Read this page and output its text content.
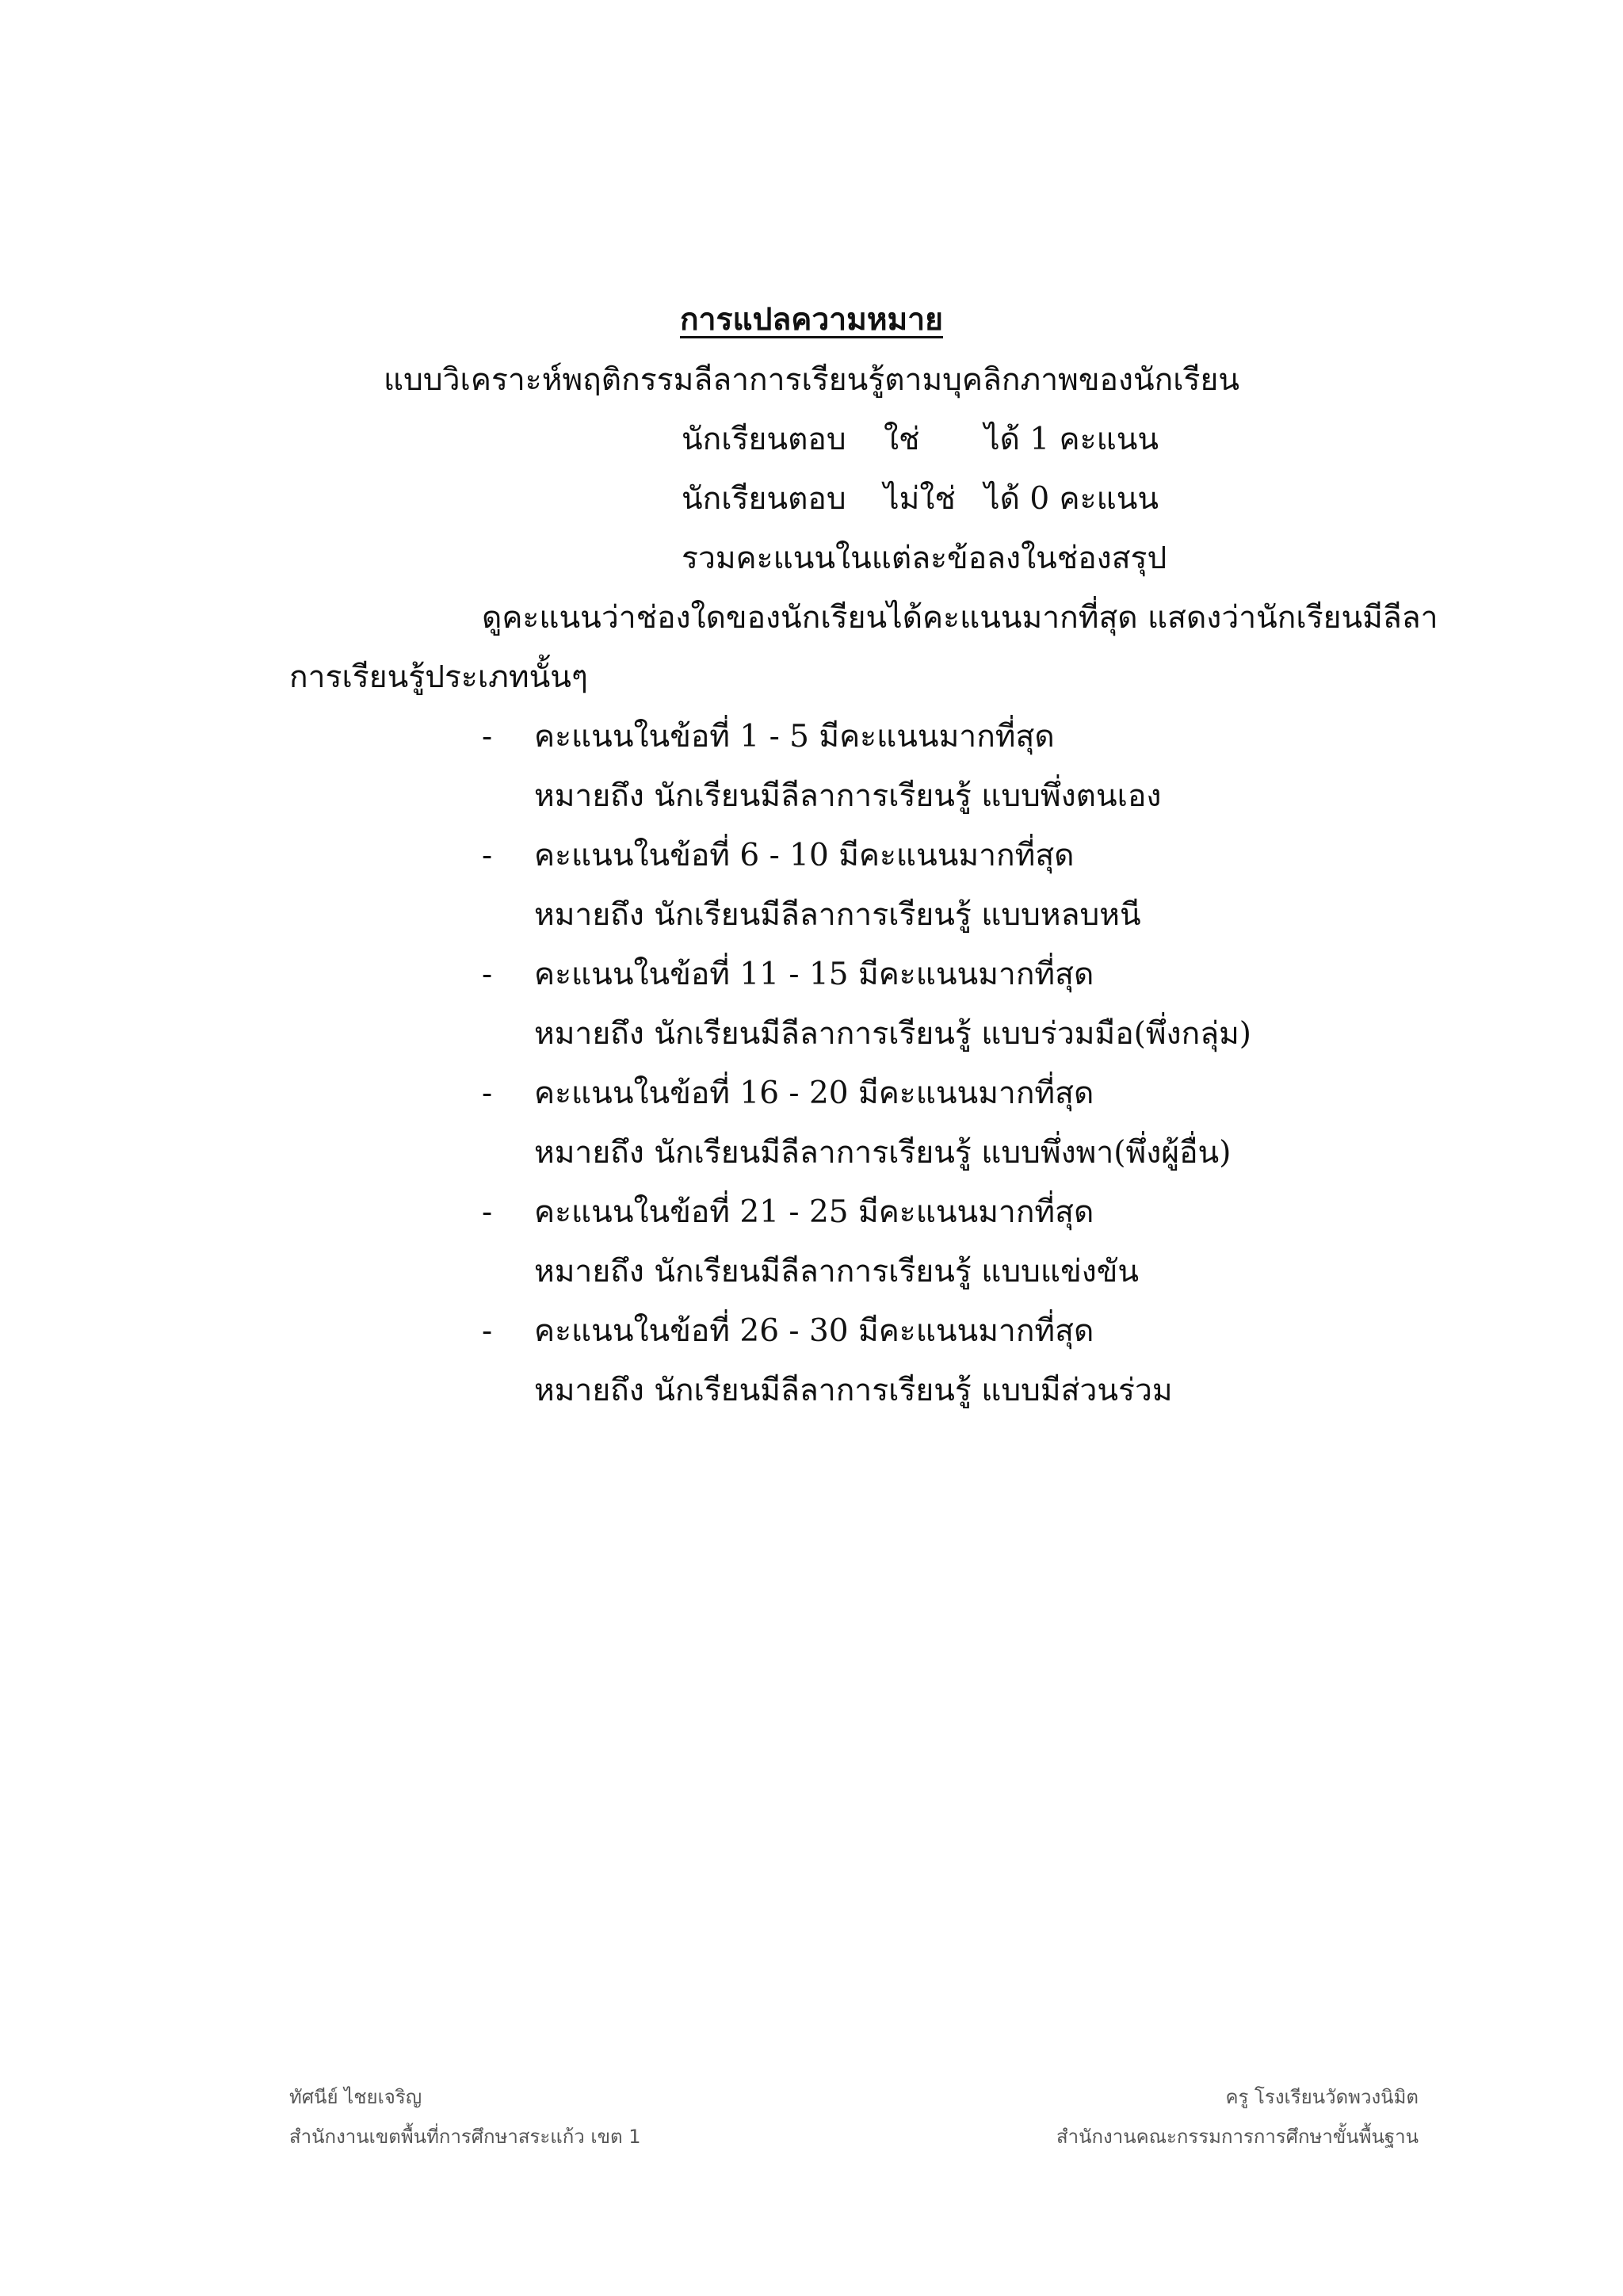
การแปลความหมาย
แบบวิเคราะห์พฤติกรรมลีลาการเรียนรู้ตามบุคลิกภาพของนักเรียน
นักเรียนตอบ ใช่ ได้ 1 คะแนน
นักเรียนตอบ ไม่ใช่ ได้ 0 คะแนน
รวมคะแนนในแต่ละข้อลงในช่องสรุป
ดูคะแนนว่าช่องใดของนักเรียนได้คะแนนมากที่สุด แสดงว่านักเรียนมีลีลา
การเรียนรู้ประเภทนั้นๆ
- คะแนนในข้อที่ 1 - 5 มีคะแนนมากที่สุด
หมายถึง นักเรียนมีลีลาการเรียนรู้ แบบพึ่งตนเอง
- คะแนนในข้อที่ 6 - 10 มีคะแนนมากที่สุด
หมายถึง นักเรียนมีลีลาการเรียนรู้ แบบหลบหนี
- คะแนนในข้อที่ 11 - 15 มีคะแนนมากที่สุด
หมายถึง นักเรียนมีลีลาการเรียนรู้ แบบร่วมมือ(พึ่งกลุ่ม)
- คะแนนในข้อที่ 16 - 20 มีคะแนนมากที่สุด
หมายถึง นักเรียนมีลีลาการเรียนรู้ แบบพึ่งพา(พึ่งผู้อื่น)
- คะแนนในข้อที่ 21 - 25 มีคะแนนมากที่สุด
หมายถึง นักเรียนมีลีลาการเรียนรู้ แบบแข่งขัน
- คะแนนในข้อที่ 26 - 30 มีคะแนนมากที่สุด
หมายถึง นักเรียนมีลีลาการเรียนรู้ แบบมีส่วนร่วม
ทัศนีย์ ไชยเจริญ
สำนักงานเขตพื้นที่การศึกษาสระแก้ว เขต 1
ครู โรงเรียนวัดพวงนิมิต
สำนักงานคณะกรรมการการศึกษาขั้นพื้นฐาน
